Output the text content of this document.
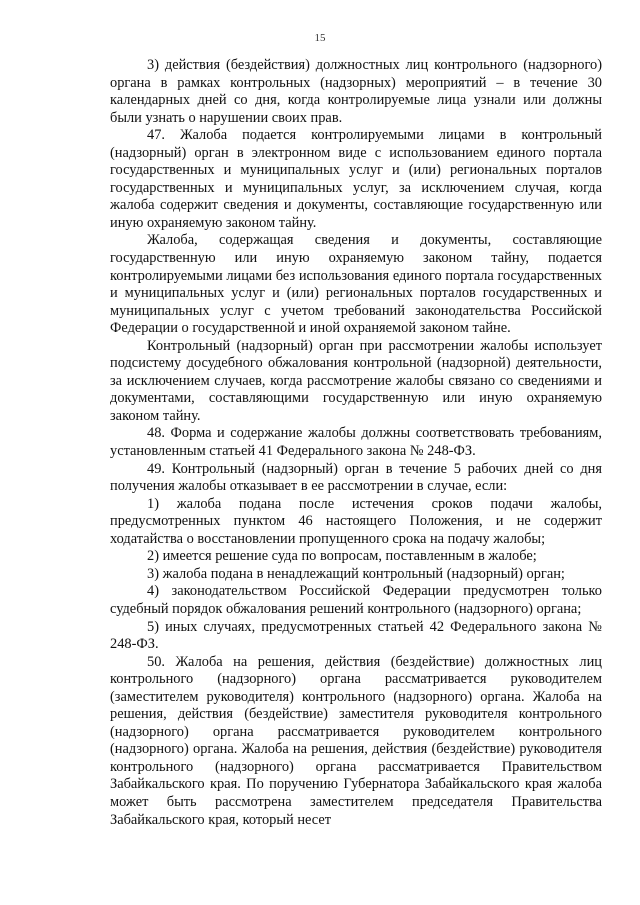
15

3) действия (бездействия) должностных лиц контрольного (надзорного) органа в рамках контрольных (надзорных) мероприятий – в течение 30 календарных дней со дня, когда контролируемые лица узнали или должны были узнать о нарушении своих прав.

47. Жалоба подается контролируемыми лицами в контрольный (надзорный) орган в электронном виде с использованием единого портала государственных и муниципальных услуг и (или) региональных порталов государственных и муниципальных услуг, за исключением случая, когда жалоба содержит сведения и документы, составляющие государственную или иную охраняемую законом тайну.

Жалоба, содержащая сведения и документы, составляющие государственную или иную охраняемую законом тайну, подается контролируемыми лицами без использования единого портала государственных и муниципальных услуг и (или) региональных порталов государственных и муниципальных услуг с учетом требований законодательства Российской Федерации о государственной и иной охраняемой законом тайне.

Контрольный (надзорный) орган при рассмотрении жалобы использует подсистему досудебного обжалования контрольной (надзорной) деятельности, за исключением случаев, когда рассмотрение жалобы связано со сведениями и документами, составляющими государственную или иную охраняемую законом тайну.

48. Форма и содержание жалобы должны соответствовать требованиям, установленным статьей 41 Федерального закона № 248-ФЗ.

49. Контрольный (надзорный) орган в течение 5 рабочих дней со дня получения жалобы отказывает в ее рассмотрении в случае, если:

1) жалоба подана после истечения сроков подачи жалобы, предусмотренных пунктом 46 настоящего Положения, и не содержит ходатайства о восстановлении пропущенного срока на подачу жалобы;

2) имеется решение суда по вопросам, поставленным в жалобе;

3) жалоба подана в ненадлежащий контрольный (надзорный) орган;

4) законодательством Российской Федерации предусмотрен только судебный порядок обжалования решений контрольного (надзорного) органа;

5) иных случаях, предусмотренных статьей 42 Федерального закона № 248-ФЗ.

50. Жалоба на решения, действия (бездействие) должностных лиц контрольного (надзорного) органа рассматривается руководителем (заместителем руководителя) контрольного (надзорного) органа. Жалоба на решения, действия (бездействие) заместителя руководителя контрольного (надзорного) органа рассматривается руководителем контрольного (надзорного) органа. Жалоба на решения, действия (бездействие) руководителя контрольного (надзорного) органа рассматривается Правительством Забайкальского края. По поручению Губернатора Забайкальского края жалоба может быть рассмотрена заместителем председателя Правительства Забайкальского края, который несет
